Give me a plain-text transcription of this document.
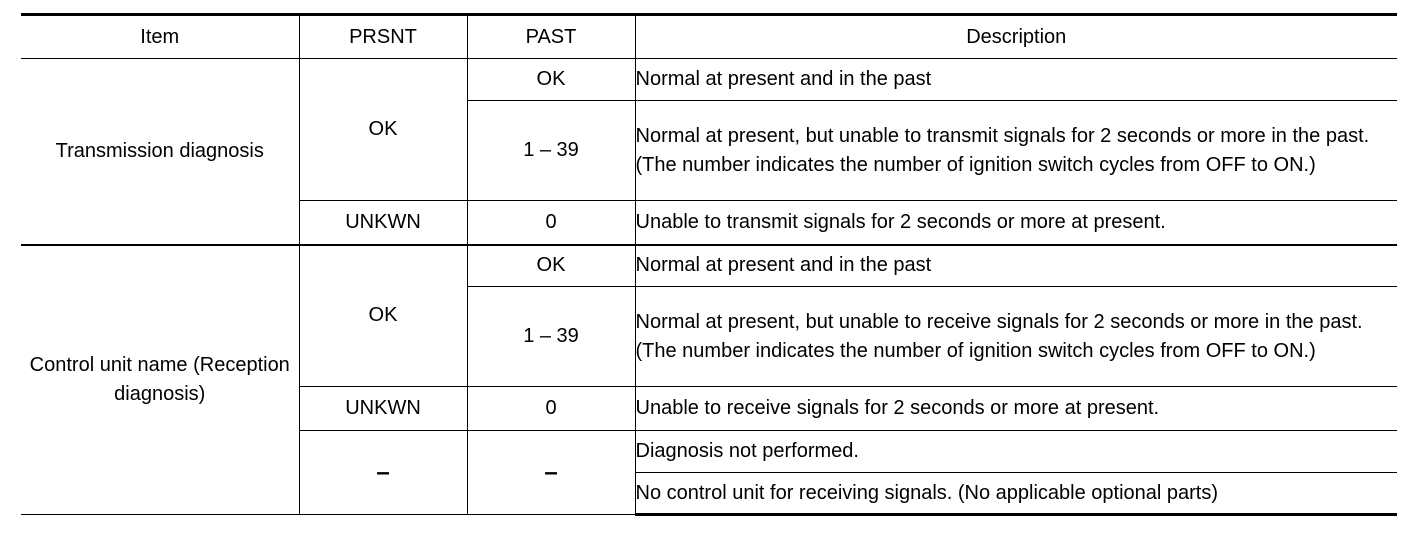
Item	PRSNT	PAST	Description
Transmission diagnosis	OK	OK	Normal at present and in the past
		1 – 39	Normal at present, but unable to transmit signals for 2 seconds or more in the past. (The number indicates the number of ignition switch cycles from OFF to ON.)
	UNKWN	0	Unable to transmit signals for 2 seconds or more at present.
Control unit name (Reception diagnosis)	OK	OK	Normal at present and in the past
		1 – 39	Normal at present, but unable to receive signals for 2 seconds or more in the past. (The number indicates the number of ignition switch cycles from OFF to ON.)
	UNKWN	0	Unable to receive signals for 2 seconds or more at present.
	–	–	Diagnosis not performed.
			No control unit for receiving signals. (No applicable optional parts)
